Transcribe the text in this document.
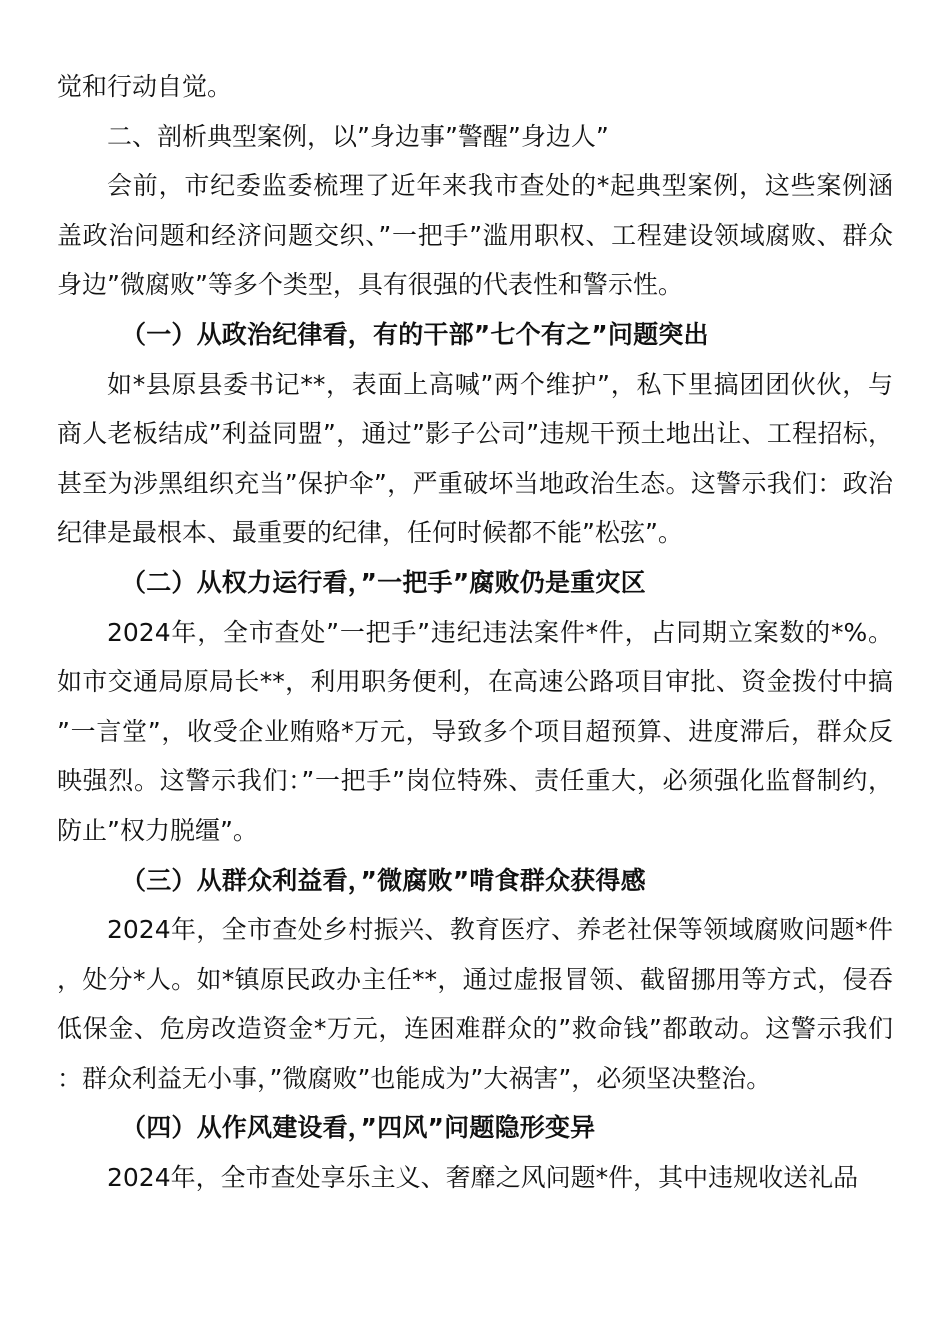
觉和行动自觉。

二、剖析典型案例，以”身边事”警醒”身边人”

会前，市纪委监委梳理了近年来我市查处的*起典型案例，这些案例涵盖政治问题和经济问题交织、”一把手”滥用职权、工程建设领域腐败、群众身边”微腐败”等多个类型，具有很强的代表性和警示性。

（一）从政治纪律看，有的干部”七个有之”问题突出

如*县原县委书记**，表面上高喊”两个维护”，私下里搞团团伙伙，与商人老板结成”利益同盟”，通过”影子公司”违规干预土地出让、工程招标，甚至为涉黑组织充当”保护伞”，严重破坏当地政治生态。这警示我们：政治纪律是最根本、最重要的纪律，任何时候都不能”松弦”。

（二）从权力运行看，”一把手”腐败仍是重灾区

2024年，全市查处”一把手”违纪违法案件*件，占同期立案数的*%。如市交通局原局长**，利用职务便利，在高速公路项目审批、资金拨付中搞”一言堂”，收受企业贿赂*万元，导致多个项目超预算、进度滞后，群众反映强烈。这警示我们：”一把手”岗位特殊、责任重大，必须强化监督制约，防止”权力脱缰”。

（三）从群众利益看，”微腐败”啃食群众获得感

2024年，全市查处乡村振兴、教育医疗、养老社保等领域腐败问题*件，处分*人。如*镇原民政办主任**，通过虚报冒领、截留挪用等方式，侵吞低保金、危房改造资金*万元，连困难群众的”救命钱”都敢动。这警示我们：群众利益无小事，”微腐败”也能成为”大祸害”，必须坚决整治。

（四）从作风建设看，”四风”问题隐形变异

2024年，全市查处享乐主义、奢靡之风问题*件，其中违规收送礼品
